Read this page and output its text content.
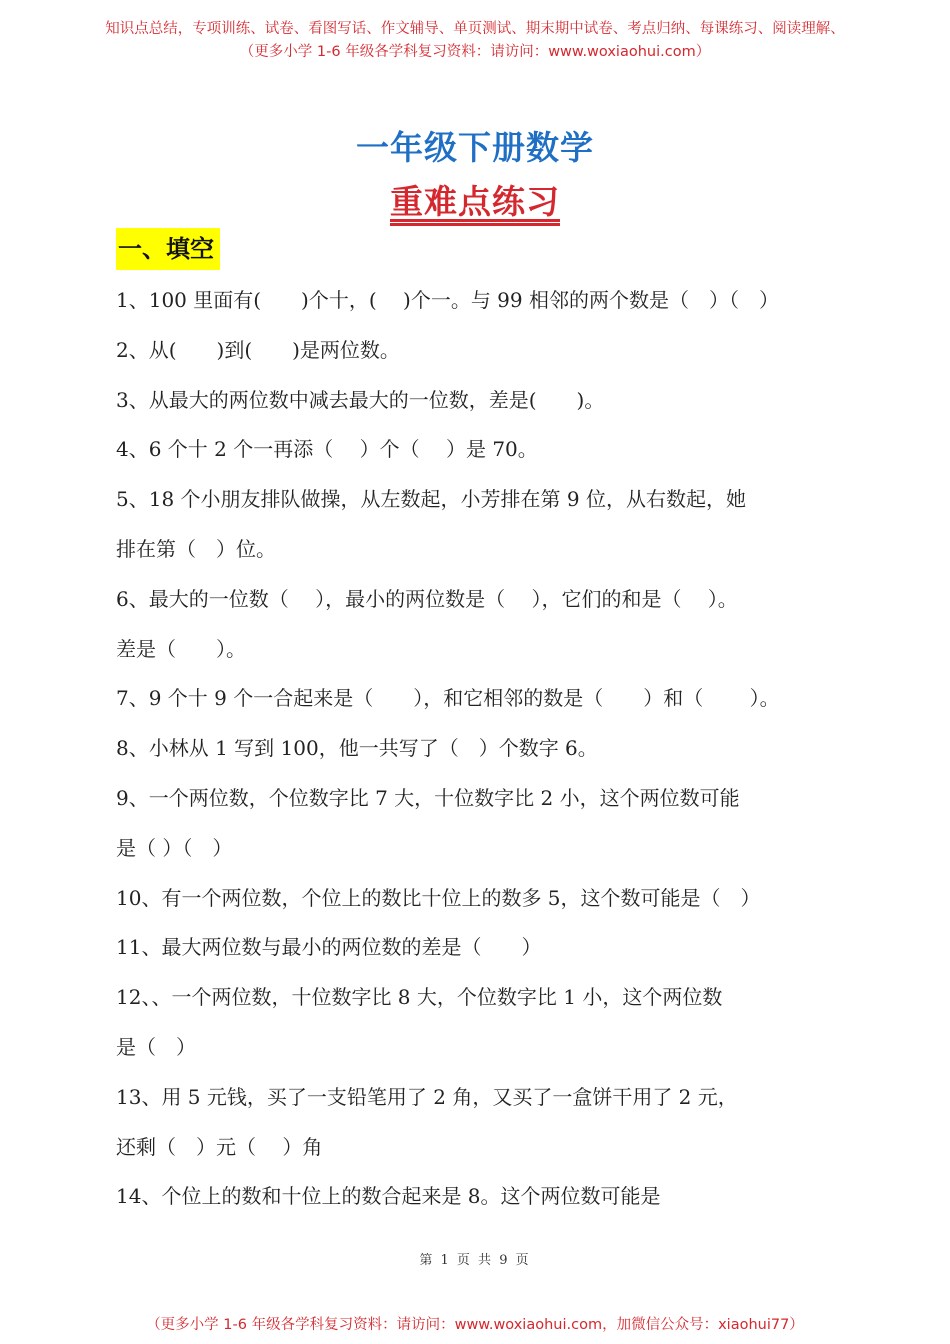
知识点总结，专项训练、试卷、看图写话、作文辅导、单页测试、期末期中试卷、考点归纳、每课练习、阅读理解、
（更多小学 1-6 年级各学科复习资料：请访问：www.woxiaohui.com）
一年级下册数学
重难点练习
一、填空
1、100 里面有(　　)个十，(　 )个一。与 99 相邻的两个数是（　）（　）
2、从(　　)到(　　)是两位数。
3、从最大的两位数中减去最大的一位数，差是(　　)。
4、6 个十 2 个一再添（　 ）个（　 ）是 70。
5、18 个小朋友排队做操，从左数起，小芳排在第 9 位，从右数起，她
排在第（　）位。
6、最大的一位数（　 ），最小的两位数是（　 ），它们的和是（　 ）。
差是（　　）。
7、9 个十 9 个一合起来是（　　），和它相邻的数是（　　）和（　　 ）。
8、小林从 1 写到 100，他一共写了（　）个数字 6。
9、一个两位数，个位数字比 7 大，十位数字比 2 小，这个两位数可能
是（ ）（　）
10、有一个两位数，个位上的数比十位上的数多 5，这个数可能是（　）
11、最大两位数与最小的两位数的差是（　　）
12、、一个两位数，十位数字比 8 大，个位数字比 1 小，这个两位数
是（　）
13、用 5 元钱，买了一支铅笔用了 2 角，又买了一盒饼干用了 2 元，
还剩（　）元（　 ）角
14、个位上的数和十位上的数合起来是 8。这个两位数可能是
第 1 页 共 9 页
（更多小学 1-6 年级各学科复习资料：请访问：www.woxiaohui.com，加微信公众号：xiaohui77）
